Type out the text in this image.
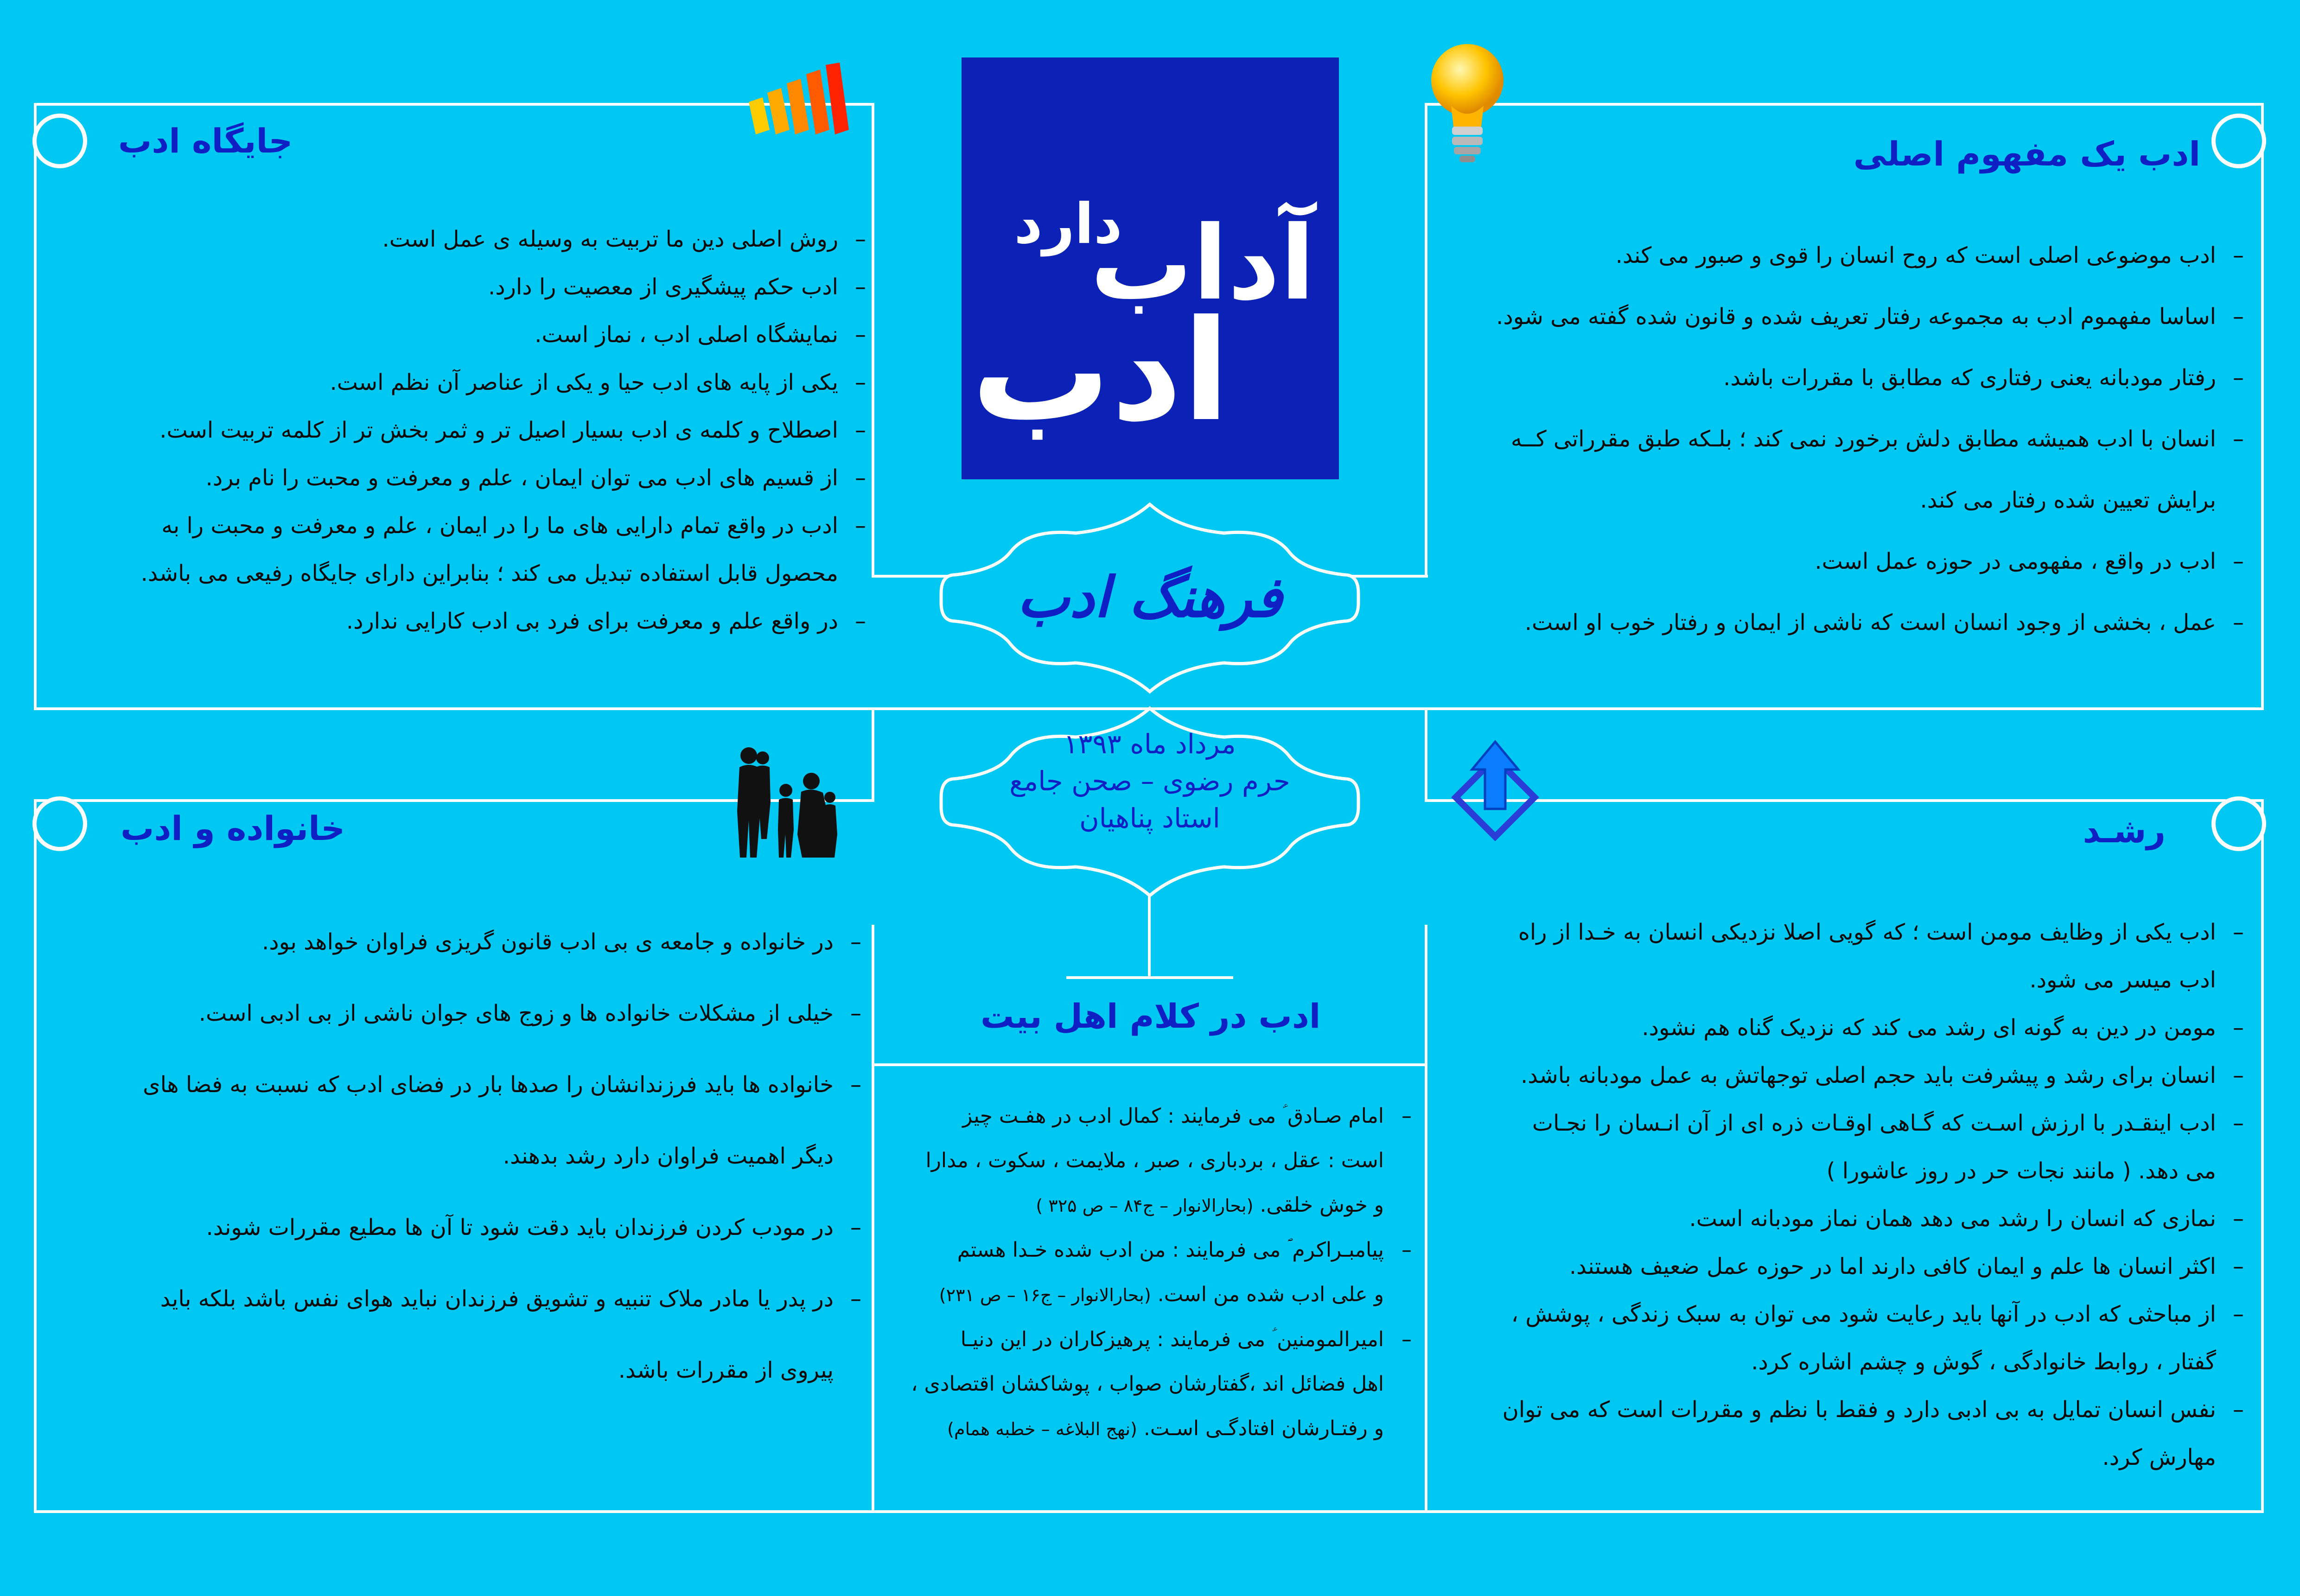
ادب
آداب
دارد
فرهنگ ادب
مرداد ماه ۱۳۹۳
حرم رضوی – صحن جامع
استاد پناهیان
جایگاه ادب	ادب یک مفهوم اصلی
خانواده و ادب	رشـد
ادب در کلام اهل بیت
– روش اصلی دین ما تربیت به وسیله ی عمل است.
– ادب حکم پیشگیری از معصیت را دارد.
– نمایشگاه اصلی ادب ، نماز است.
– یکی از پایه های ادب حیا و یکی از عناصر آن نظم است.
– اصطلاح و کلمه ی ادب بسیار اصیل تر و ثمر بخش تر از کلمه تربیت است.
– از قسیم های ادب می توان ایمان ، علم و معرفت و محبت را نام برد.
– ادب در واقع تمام دارایی های ما را در ایمان ، علم و معرفت و محبت را به
محصول قابل استفاده تبدیل می کند ؛ بنابراین دارای جایگاه رفیعی می باشد.
– در واقع علم و معرفت برای فرد بی ادب کارایی ندارد.
– ادب موضوعی اصلی است که روح انسان را قوی و صبور می کند.
– اساسا مفهموم ادب به مجموعه رفتار تعریف شده و قانون شده گفته می شود.
– رفتار مودبانه یعنی رفتاری که مطابق با مقررات باشد.
– انسان با ادب همیشه مطابق دلش برخورد نمی کند ؛ بلـکه طبق مقرراتی کــه
برایش تعیین شده رفتار می کند.
– ادب در واقع ، مفهومی در حوزه عمل است.
– عمل ، بخشی از وجود انسان است که ناشی از ایمان و رفتار خوب او است.
– در خانواده و جامعه ی بی ادب قانون گریزی فراوان خواهد بود.
– خیلی از مشکلات خانواده ها و زوج های جوان ناشی از بی ادبی است.
– خانواده ها باید فرزندانشان را صدها بار در فضای ادب که نسبت به فضا های
دیگر اهمیت فراوان دارد رشد بدهند.
– در مودب کردن فرزندان باید دقت شود تا آن ها مطیع مقررات شوند.
– در پدر یا مادر ملاک تنبیه و تشویق فرزندان نباید هوای نفس باشد بلکه باید
پیروی از مقررات باشد.
– ادب یکی از وظایف مومن است ؛ که گویی اصلا نزدیکی انسان به خـدا از راه
ادب میسر می شود.
– مومن در دین به گونه ای رشد می کند که نزدیک گناه هم نشود.
– انسان برای رشد و پیشرفت باید حجم اصلی توجهاتش به عمل مودبانه باشد.
– ادب اینقـدر با ارزش اسـت که گـاهی اوقـات ذره ای از آن انـسان را نجـات
می دهد. ( مانند نجات حر در روز عاشورا )
– نمازی که انسان را رشد می دهد همان نماز مودبانه است.
– اکثر انسان ها علم و ایمان کافی دارند اما در حوزه عمل ضعیف هستند.
– از مباحثی که ادب در آنها باید رعایت شود می توان به سبک زندگی ، پوشش ،
گفتار ، روابط خانوادگی ، گوش و چشم اشاره کرد.
– نفس انسان تمایل به بی ادبی دارد و فقط با نظم و مقررات است که می توان
مهارش کرد.
– امام صـادق ؑ می فرمایند : کمال ادب در هفـت چیز
است : عقل ، بردباری ، صبر ، ملایمت ، سکوت ، مدارا
و خوش خلقی. (بحارالانوار – ج۸۴ – ص ۳۲۵ )
– پیامبـراکرم ؐ می فرمایند : من ادب شده خـدا هستم
و علی ادب شده من است. (بحارالانوار – ج۱۶ – ص ۲۳۱)
– امیرالمومنین ؑ می فرمایند : پرهیزکاران در این دنیـا
اهل فضائل اند ،گفتارشان صواب ، پوشاکشان اقتصادی ،
و رفتـارشان افتادگـی اسـت. (نهج البلاغه – خطبه همام)
